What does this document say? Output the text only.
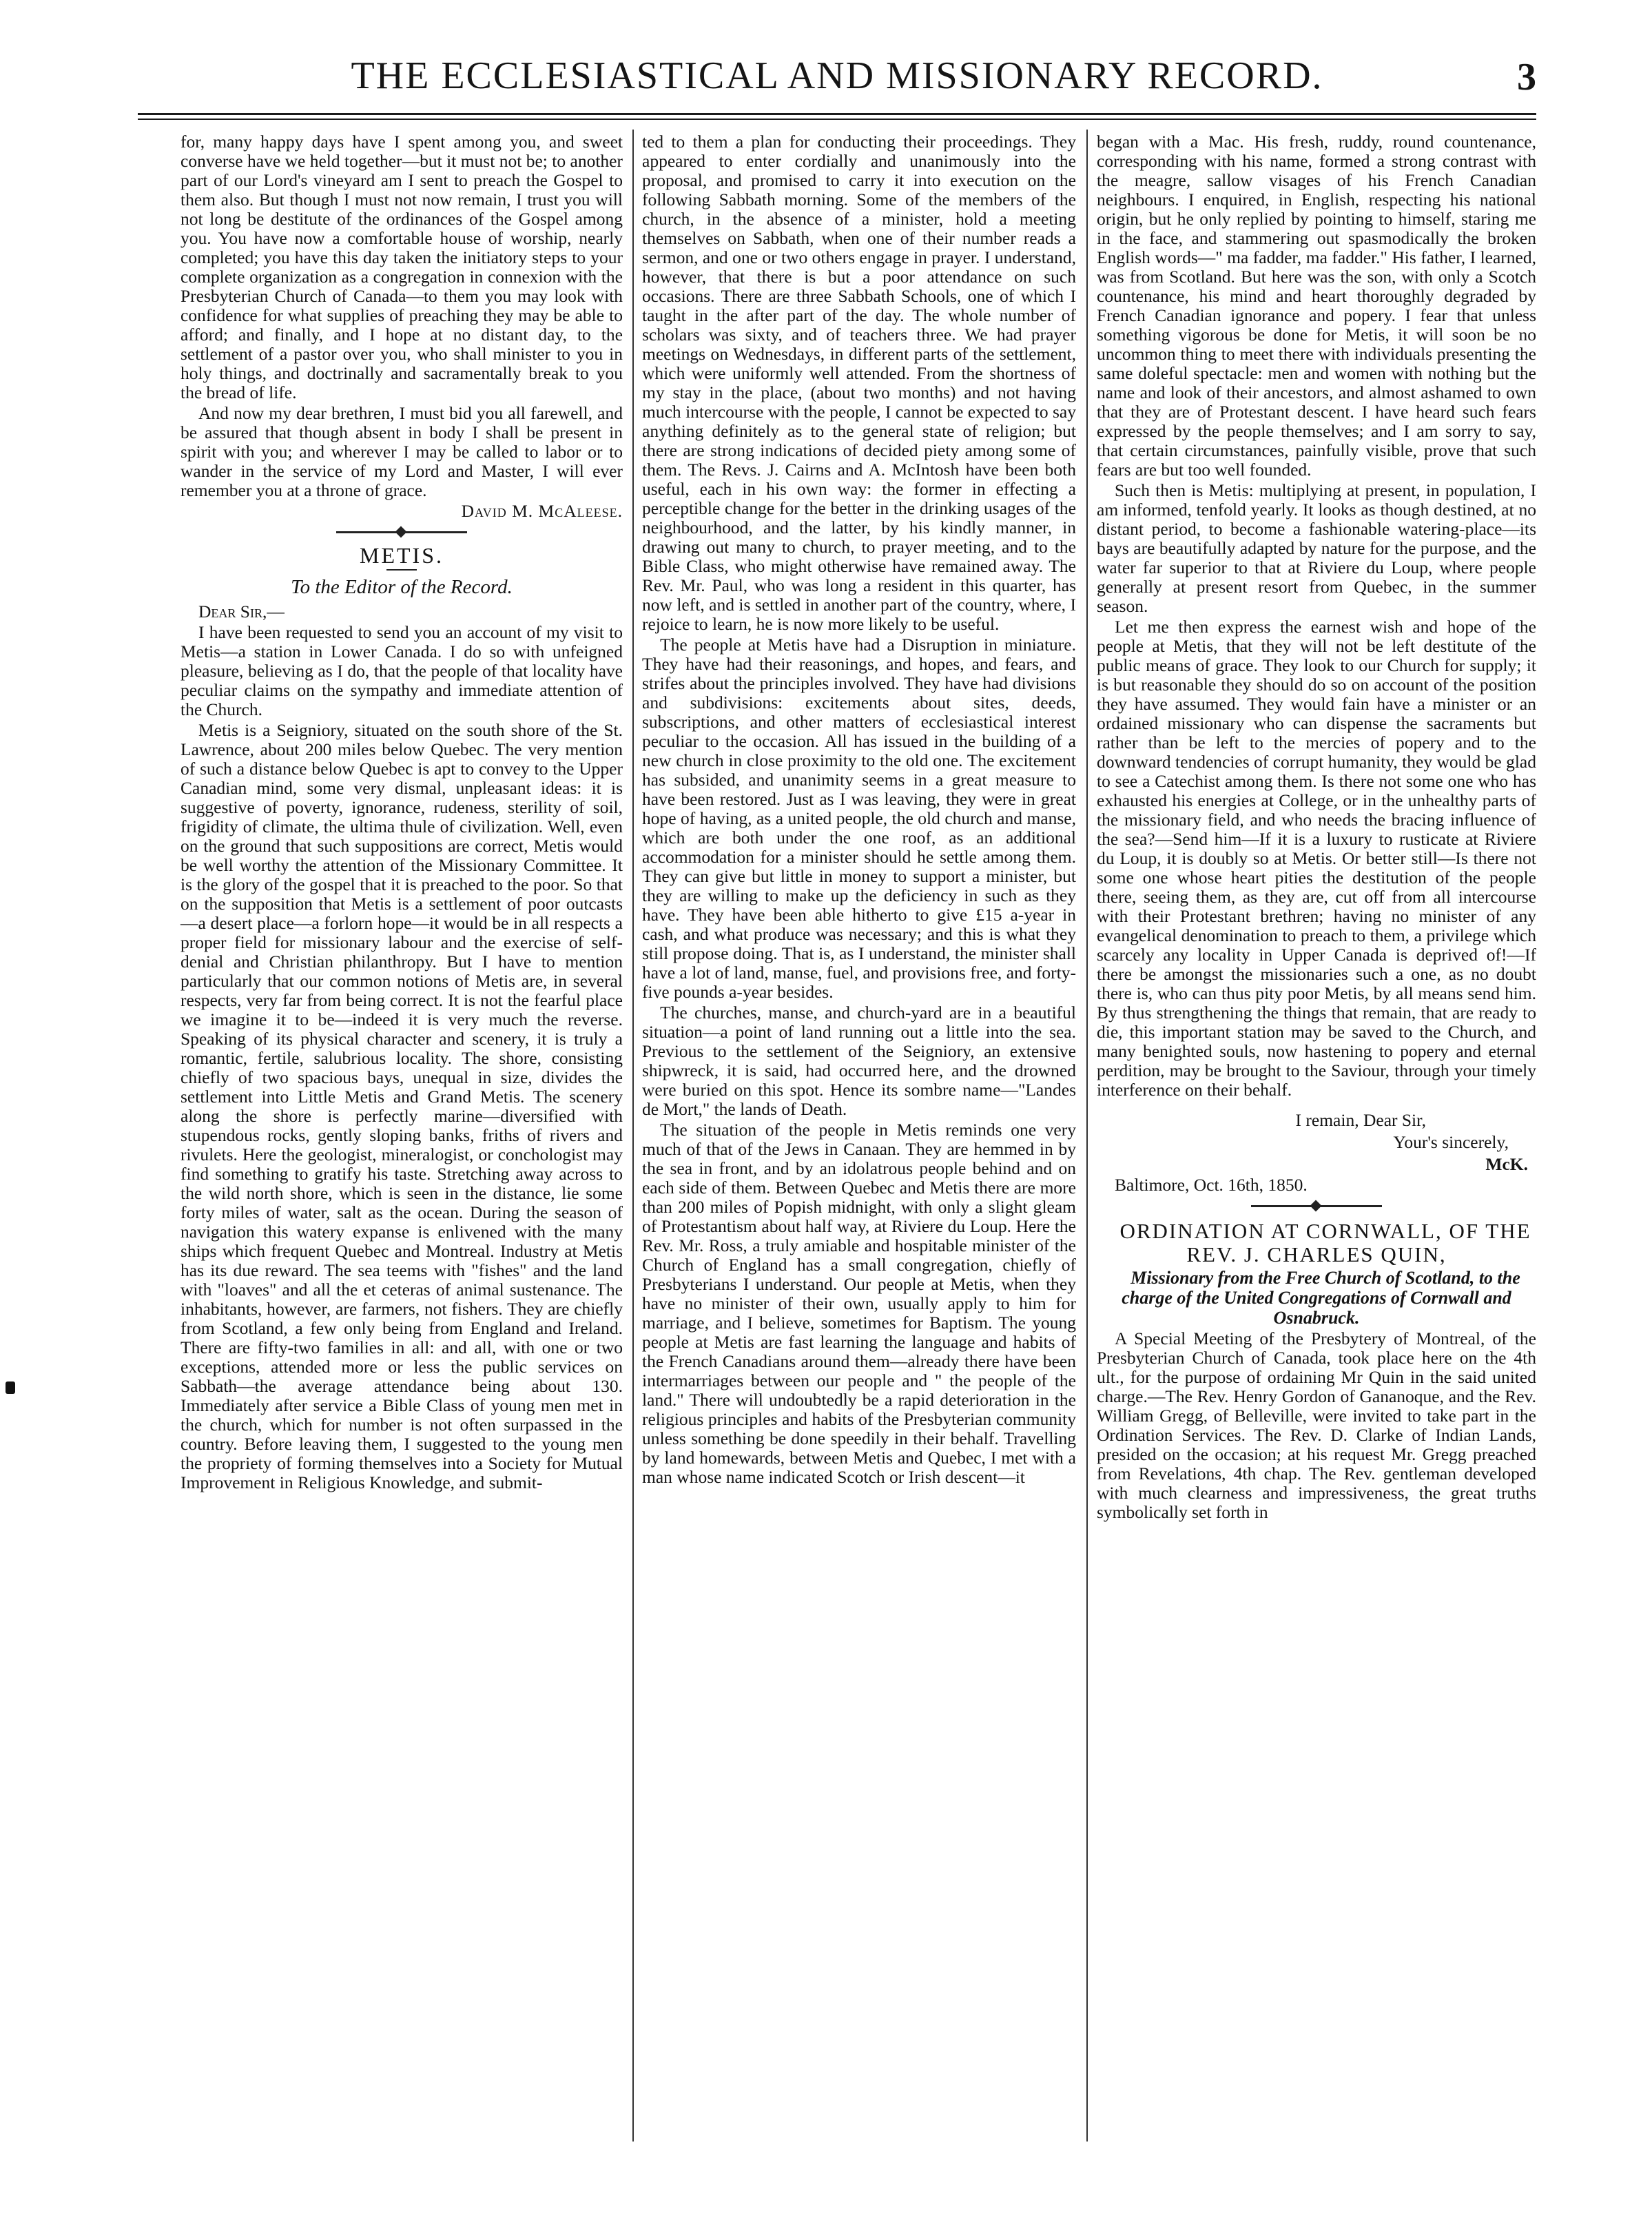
THE ECCLESIASTICAL AND MISSIONARY RECORD.	3

for, many happy days have I spent among you, and sweet converse have we held together—but it must not be; to another part of our Lord's vineyard am I sent to preach the Gospel to them also. But though I must not now remain, I trust you will not long be destitute of the ordinances of the Gospel among you. You have now a comfortable house of worship, nearly completed; you have this day taken the initiatory steps to your complete organization as a congregation in connexion with the Presbyterian Church of Canada—to them you may look with confidence for what supplies of preaching they may be able to afford; and finally, and I hope at no distant day, to the settlement of a pastor over you, who shall minister to you in holy things, and doctrinally and sacramentally break to you the bread of life.

And now my dear brethren, I must bid you all farewell, and be assured that though absent in body I shall be present in spirit with you; and wherever I may be called to labor or to wander in the service of my Lord and Master, I will ever remember you at a throne of grace.

David M. McAleese.

METIS.
To the Editor of the Record.

Dear Sir,—

I have been requested to send you an account of my visit to Metis—a station in Lower Canada. I do so with unfeigned pleasure, believing as I do, that the people of that locality have peculiar claims on the sympathy and immediate attention of the Church.

Metis is a Seigniory, situated on the south shore of the St. Lawrence, about 200 miles below Quebec. The very mention of such a distance below Quebec is apt to convey to the Upper Canadian mind, some very dismal, unpleasant ideas: it is suggestive of poverty, ignorance, rudeness, sterility of soil, frigidity of climate, the ultima thule of civilization. Well, even on the ground that such suppositions are correct, Metis would be well worthy the attention of the Missionary Committee. It is the glory of the gospel that it is preached to the poor. So that on the supposition that Metis is a settlement of poor outcasts—a desert place—a forlorn hope—it would be in all respects a proper field for missionary labour and the exercise of self-denial and Christian philanthropy. But I have to mention particularly that our common notions of Metis are, in several respects, very far from being correct. It is not the fearful place we imagine it to be—indeed it is very much the reverse. Speaking of its physical character and scenery, it is truly a romantic, fertile, salubrious locality. The shore, consisting chiefly of two spacious bays, unequal in size, divides the settlement into Little Metis and Grand Metis. The scenery along the shore is perfectly marine—diversified with stupendous rocks, gently sloping banks, friths of rivers and rivulets. Here the geologist, mineralogist, or conchologist may find something to gratify his taste. Stretching away across to the wild north shore, which is seen in the distance, lie some forty miles of water, salt as the ocean. During the season of navigation this watery expanse is enlivened with the many ships which frequent Quebec and Montreal. Industry at Metis has its due reward. The sea teems with "fishes" and the land with "loaves" and all the et ceteras of animal sustenance. The inhabitants, however, are farmers, not fishers. They are chiefly from Scotland, a few only being from England and Ireland. There are fifty-two families in all: and all, with one or two exceptions, attended more or less the public services on Sabbath—the average attendance being about 130. Immediately after service a Bible Class of young men met in the church, which for number is not often surpassed in the country. Before leaving them, I suggested to the young men the propriety of forming themselves into a Society for Mutual Improvement in Religious Knowledge, and submit-

ted to them a plan for conducting their proceedings. They appeared to enter cordially and unanimously into the proposal, and promised to carry it into execution on the following Sabbath morning. Some of the members of the church, in the absence of a minister, hold a meeting themselves on Sabbath, when one of their number reads a sermon, and one or two others engage in prayer. I understand, however, that there is but a poor attendance on such occasions. There are three Sabbath Schools, one of which I taught in the after part of the day. The whole number of scholars was sixty, and of teachers three. We had prayer meetings on Wednesdays, in different parts of the settlement, which were uniformly well attended. From the shortness of my stay in the place, (about two months) and not having much intercourse with the people, I cannot be expected to say anything definitely as to the general state of religion; but there are strong indications of decided piety among some of them. The Revs. J. Cairns and A. McIntosh have been both useful, each in his own way: the former in effecting a perceptible change for the better in the drinking usages of the neighbourhood, and the latter, by his kindly manner, in drawing out many to church, to prayer meeting, and to the Bible Class, who might otherwise have remained away. The Rev. Mr. Paul, who was long a resident in this quarter, has now left, and is settled in another part of the country, where, I rejoice to learn, he is now more likely to be useful.

The people at Metis have had a Disruption in miniature. They have had their reasonings, and hopes, and fears, and strifes about the principles involved. They have had divisions and subdivisions: excitements about sites, deeds, subscriptions, and other matters of ecclesiastical interest peculiar to the occasion. All has issued in the building of a new church in close proximity to the old one. The excitement has subsided, and unanimity seems in a great measure to have been restored. Just as I was leaving, they were in great hope of having, as a united people, the old church and manse, which are both under the one roof, as an additional accommodation for a minister should he settle among them. They can give but little in money to support a minister, but they are willing to make up the deficiency in such as they have. They have been able hitherto to give £15 a-year in cash, and what produce was necessary; and this is what they still propose doing. That is, as I understand, the minister shall have a lot of land, manse, fuel, and provisions free, and forty-five pounds a-year besides.

The churches, manse, and church-yard are in a beautiful situation—a point of land running out a little into the sea. Previous to the settlement of the Seigniory, an extensive shipwreck, it is said, had occurred here, and the drowned were buried on this spot. Hence its sombre name—"Landes de Mort," the lands of Death.

The situation of the people in Metis reminds one very much of that of the Jews in Canaan. They are hemmed in by the sea in front, and by an idolatrous people behind and on each side of them. Between Quebec and Metis there are more than 200 miles of Popish midnight, with only a slight gleam of Protestantism about half way, at Riviere du Loup. Here the Rev. Mr. Ross, a truly amiable and hospitable minister of the Church of England has a small congregation, chiefly of Presbyterians I understand. Our people at Metis, when they have no minister of their own, usually apply to him for marriage, and I believe, sometimes for Baptism. The young people at Metis are fast learning the language and habits of the French Canadians around them—already there have been intermarriages between our people and " the people of the land." There will undoubtedly be a rapid deterioration in the religious principles and habits of the Presbyterian community unless something be done speedily in their behalf. Travelling by land homewards, between Metis and Quebec, I met with a man whose name indicated Scotch or Irish descent—it

began with a Mac. His fresh, ruddy, round countenance, corresponding with his name, formed a strong contrast with the meagre, sallow visages of his French Canadian neighbours. I enquired, in English, respecting his national origin, but he only replied by pointing to himself, staring me in the face, and stammering out spasmodically the broken English words—" ma fadder, ma fadder." His father, I learned, was from Scotland. But here was the son, with only a Scotch countenance, his mind and heart thoroughly degraded by French Canadian ignorance and popery. I fear that unless something vigorous be done for Metis, it will soon be no uncommon thing to meet there with individuals presenting the same doleful spectacle: men and women with nothing but the name and look of their ancestors, and almost ashamed to own that they are of Protestant descent. I have heard such fears expressed by the people themselves; and I am sorry to say, that certain circumstances, painfully visible, prove that such fears are but too well founded.

Such then is Metis: multiplying at present, in population, I am informed, tenfold yearly. It looks as though destined, at no distant period, to become a fashionable watering-place—its bays are beautifully adapted by nature for the purpose, and the water far superior to that at Riviere du Loup, where people generally at present resort from Quebec, in the summer season.

Let me then express the earnest wish and hope of the people at Metis, that they will not be left destitute of the public means of grace. They look to our Church for supply; it is but reasonable they should do so on account of the position they have assumed. They would fain have a minister or an ordained missionary who can dispense the sacraments but rather than be left to the mercies of popery and to the downward tendencies of corrupt humanity, they would be glad to see a Catechist among them. Is there not some one who has exhausted his energies at College, or in the unhealthy parts of the missionary field, and who needs the bracing influence of the sea?—Send him—If it is a luxury to rusticate at Riviere du Loup, it is doubly so at Metis. Or better still—Is there not some one whose heart pities the destitution of the people there, seeing them, as they are, cut off from all intercourse with their Protestant brethren; having no minister of any evangelical denomination to preach to them, a privilege which scarcely any locality in Upper Canada is deprived of!—If there be amongst the missionaries such a one, as no doubt there is, who can thus pity poor Metis, by all means send him. By thus strengthening the things that remain, that are ready to die, this important station may be saved to the Church, and many benighted souls, now hastening to popery and eternal perdition, may be brought to the Saviour, through your timely interference on their behalf.

I remain, Dear Sir,
Your's sincerely,
McK.

Baltimore, Oct. 16th, 1850.

ORDINATION AT CORNWALL, OF THE REV. J. CHARLES QUIN,

Missionary from the Free Church of Scotland, to the charge of the United Congregations of Cornwall and Osnabruck.

A Special Meeting of the Presbytery of Montreal, of the Presbyterian Church of Canada, took place here on the 4th ult., for the purpose of ordaining Mr Quin in the said united charge.—The Rev. Henry Gordon of Gananoque, and the Rev. William Gregg, of Belleville, were invited to take part in the Ordination Services. The Rev. D. Clarke of Indian Lands, presided on the occasion; at his request Mr. Gregg preached from Revelations, 4th chap. The Rev. gentleman developed with much clearness and impressiveness, the great truths symbolically set forth in
